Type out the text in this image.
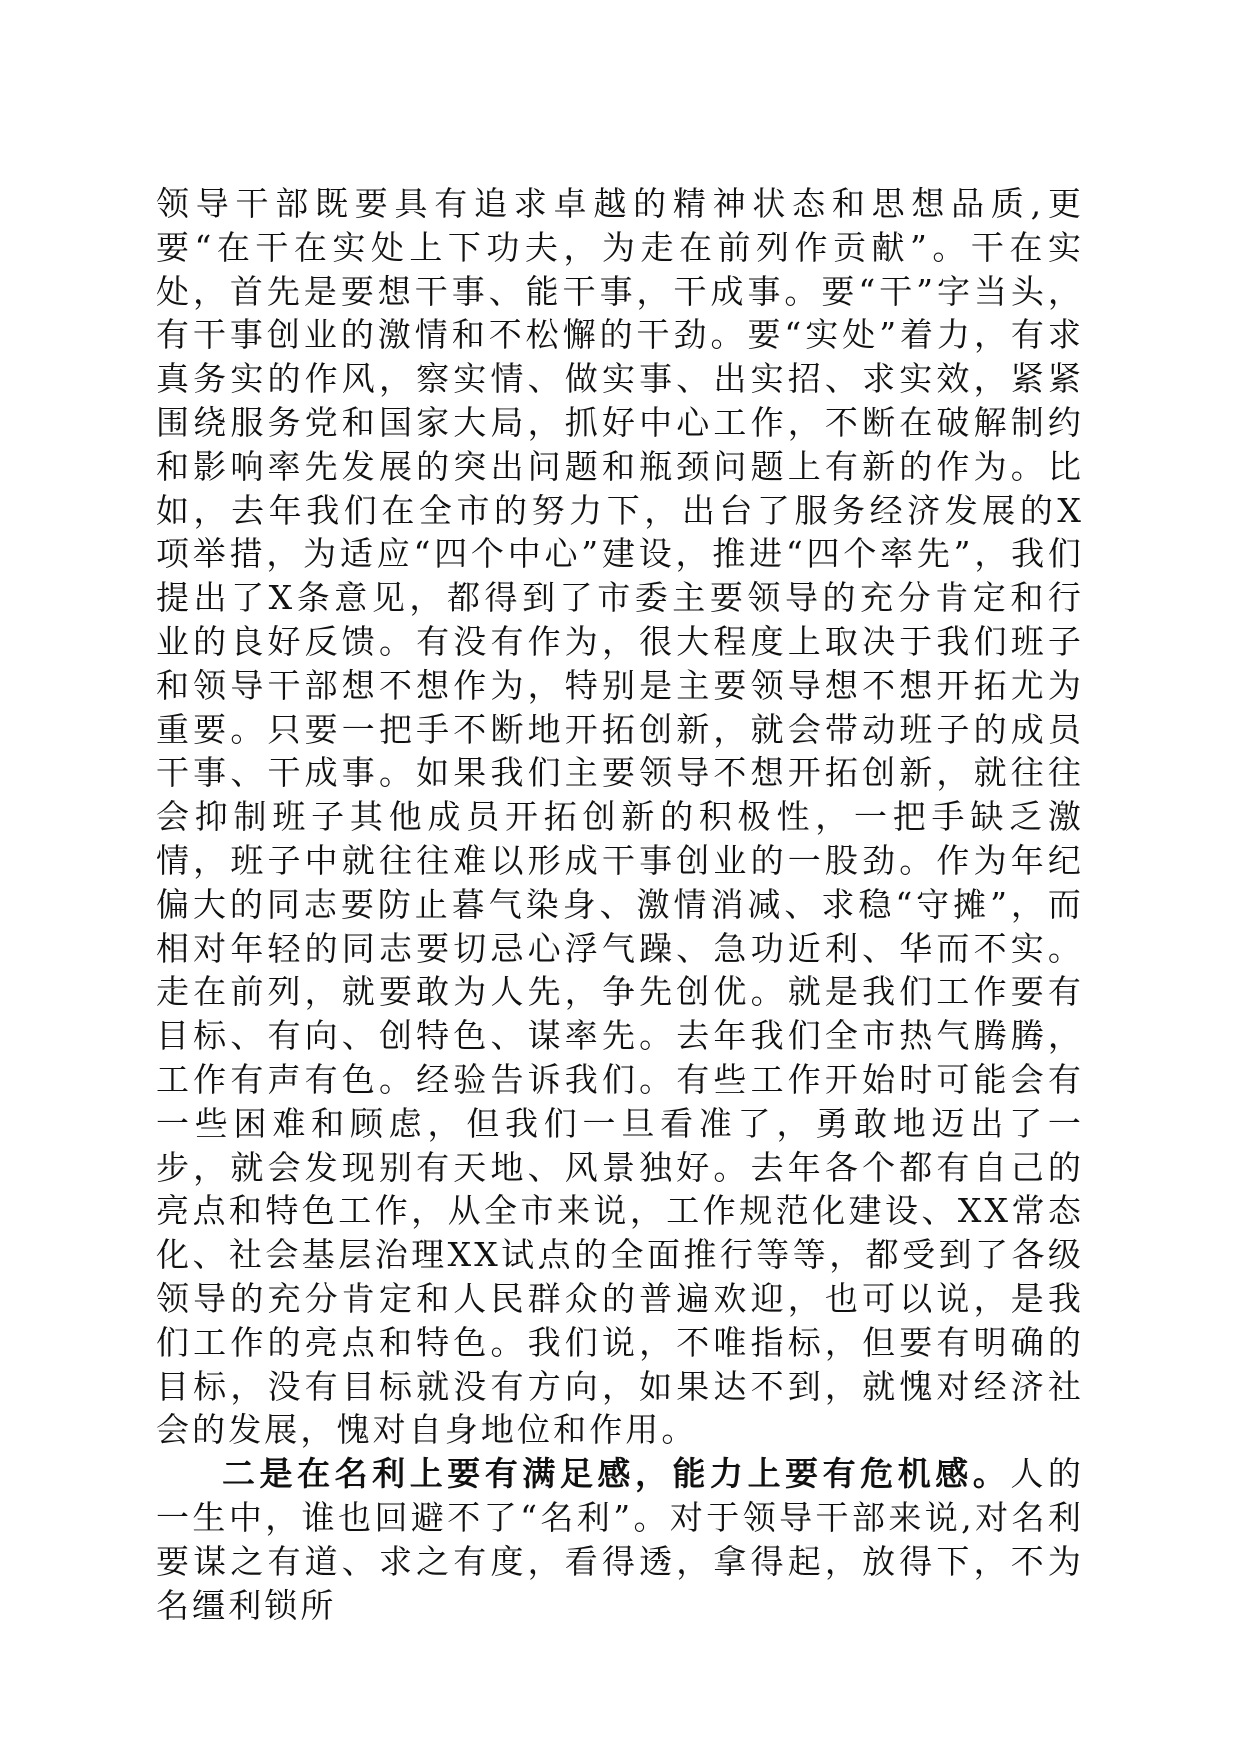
领导干部既要具有追求卓越的精神状态和思想品质,更要“在干在实处上下功夫，为走在前列作贡献”。干在实处，首先是要想干事、能干事，干成事。要“干”字当头，有干事创业的激情和不松懈的干劲。要“实处”着力，有求真务实的作风，察实情、做实事、出实招、求实效，紧紧围绕服务党和国家大局，抓好中心工作，不断在破解制约和影响率先发展的突出问题和瓶颈问题上有新的作为。比如，去年我们在全市的努力下，出台了服务经济发展的X项举措，为适应“四个中心”建设，推进“四个率先”，我们提出了X条意见，都得到了市委主要领导的充分肯定和行业的良好反馈。有没有作为，很大程度上取决于我们班子和领导干部想不想作为，特别是主要领导想不想开拓尤为重要。只要一把手不断地开拓创新，就会带动班子的成员干事、干成事。如果我们主要领导不想开拓创新，就往往会抑制班子其他成员开拓创新的积极性，一把手缺乏激情，班子中就往往难以形成干事创业的一股劲。作为年纪偏大的同志要防止暮气染身、激情消减、求稳“守摊”，而相对年轻的同志要切忌心浮气躁、急功近利、华而不实。走在前列，就要敢为人先，争先创优。就是我们工作要有目标、有向、创特色、谋率先。去年我们全市热气腾腾，工作有声有色。经验告诉我们。有些工作开始时可能会有一些困难和顾虑，但我们一旦看准了，勇敢地迈出了一步，就会发现别有天地、风景独好。去年各个都有自己的亮点和特色工作，从全市来说，工作规范化建设、XX常态化、社会基层治理XX试点的全面推行等等，都受到了各级领导的充分肯定和人民群众的普遍欢迎，也可以说，是我们工作的亮点和特色。我们说，不唯指标，但要有明确的目标，没有目标就没有方向，如果达不到，就愧对经济社会的发展，愧对自身地位和作用。

二是在名利上要有满足感，能力上要有危机感。人的一生中，谁也回避不了“名利”。对于领导干部来说,对名利要谋之有道、求之有度，看得透，拿得起，放得下，不为名缰利锁所
